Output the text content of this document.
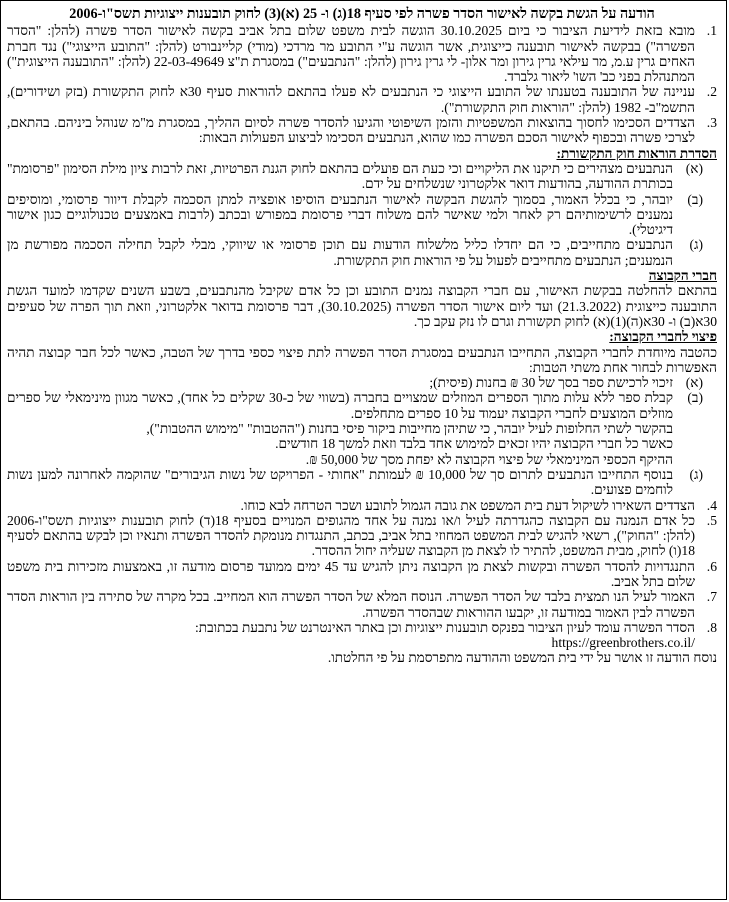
הודעה על הגשת בקשה לאישור הסדר פשרה לפי סעיף 18(ג) ו- 25 (א)(3) לחוק תובענות ייצוגיות תשס"ו-2006
1.
מובא בזאת לידיעת הציבור כי ביום 30.10.2025 הוגשה לבית משפט שלום בתל אביב בקשה לאישור הסדר פשרה (להלן: "הסדר הפשרה") בבקשה לאישור תובענה כייצוגית, אשר הוגשה ע"י התובע מר מרדכי (מודי) קליינבורט (להלן: "התובע הייצוגי") נגד חברת האחים גרין ע.מ, מר עילאי גרין גירון ומר אלון- לי גרין גירון (להלן: "הנתבעים") במסגרת ת"צ 22-03-49649 (להלן: "התובענה הייצוגית") המתנהלת בפני כב' השו' ליאור גלברד.
2.
עניינה של התובענה בטענתו של התובע הייצוגי כי הנתבעים לא פעלו בהתאם להוראות סעיף 30א לחוק התקשורת (בזק ושידורים), התשמ"ב- 1982 (להלן: "הוראות חוק התקשורת").
3.
הצדדים הסכימו לחסוך בהוצאות המשפטיות והזמן השיפוטי והגיעו להסדר פשרה לסיום ההליך, במסגרת מ"מ שנוהל ביניהם. בהתאם, לצרכי פשרה ובכפוף לאישור הסכם הפשרה כמו שהוא, הנתבעים הסכימו לביצוע הפעולות הבאות:
הסדרת הוראות חוק התקשורת:
(א)
הנתבעים מצהירים כי תיקנו את הליקויים וכי כעת הם פועלים בהתאם לחוק הגנת הפרטיות, זאת לרבות ציון מילת הסימון "פרסומת" בכותרת ההודעה, בהודעות דואר אלקטרוני שנשלחים על ידם.
(ב)
יובהר, כי בכלל האמור, בסמוך להגשת הבקשה לאישור הנתבעים הוסיפו אופציה למתן הסכמה לקבלת דיוור פרסומי, ומוסיפים נמענים לרשימותיהם רק לאחר ולמי שאישר להם משלוח דברי פרסומת במפורש ובכתב (לרבות באמצעים טכנולוגיים כגון אישור דיגיטלי).
(ג)
הנתבעים מתחייבים, כי הם יחדלו כליל מלשלוח הודעות עם תוכן פרסומי או שיווקי, מבלי לקבל תחילה הסכמה מפורשת מן הנמענים; הנתבעים מתחייבים לפעול על פי הוראות חוק התקשורת.
חברי הקבוצה
בהתאם להחלטה בבקשת האישור, עם חברי הקבוצה נמנים התובע וכן כל אדם שקיבל מהנתבעים, בשבע השנים שקדמו למועד הגשת התובענה כייצוגית (21.3.2022) ועד ליום אישור הסדר הפשרה (30.10.2025), דבר פרסומת בדואר אלקטרוני, וזאת תוך הפרה של סעיפים 30א(ב) ו- 30א(ה)(1)(א) לחוק תקשורת וגרם לו נזק עקב כך.
פיצוי לחברי הקבוצה:
כהטבה מיוחדת לחברי הקבוצה, התחייבו הנתבעים במסגרת הסדר הפשרה לתת פיצוי כספי בדרך של הטבה, כאשר לכל חבר קבוצה תהיה האפשרות לבחור אחת משתי הטבות:
(א)
זיכוי לרכישת ספר בסך של 30 ₪ בחנות (פיסית);
(ב)
קבלת ספר ללא עלות מתוך הספרים המוזלים שמצויים בחברה (בשווי של כ-30 שקלים כל אחד), כאשר מגוון מינימאלי של ספרים מוזלים המוצעים לחברי הקבוצה יעמוד על 10 ספרים מתחלפים.
בהקשר לשתי החלופות לעיל יובהר, כי שתיהן מחייבות ביקור פיסי בחנות ("ההטבות" "מימוש ההטבות"),
כאשר כל חברי הקבוצה יהיו זכאים למימוש אחד בלבד וזאת למשך 18 חודשים.
ההיקף הכספי המינימאלי של פיצוי הקבוצה לא יפחת מסך של 50,000 ₪.
(ג)
בנוסף התחייבו הנתבעים לתרום סך של 10,000 ₪ לעמותת "אחותי - הפרויקט של נשות הגיבורים" שהוקמה לאחרונה למען נשות לוחמים פצועים.
4.
הצדדים השאירו לשיקול דעת בית המשפט את גובה הגמול לתובע ושכר הטרחה לבא כוחו.
5.
כל אדם הנמנה עם הקבוצה כהגדרתה לעיל ו/או נמנה על אחד מהגופים המנויים בסעיף 18(ד) לחוק תובענות ייצוגיות תשס"ו-2006 (להלן: "החוק"), רשאי להגיש לבית המשפט המחוזי בתל אביב, בכתב, התנגדות מנומקת להסדר הפשרה ותנאיו וכן לבקש בהתאם לסעיף 18(ו) לחוק, מבית המשפט, להתיר לו לצאת מן הקבוצה שעליה יחול ההסדר.
6.
התנגדויות להסדר הפשרה ובקשות לצאת מן הקבוצה ניתן להגיש עד 45 ימים ממועד פרסום מודעה זו, באמצעות מזכירות בית משפט שלום בתל אביב.
7.
האמור לעיל הנו תמצית בלבד של הסדר הפשרה. הנוסח המלא של הסדר הפשרה הוא המחייב. בכל מקרה של סתירה בין הוראות הסדר הפשרה לבין האמור במודעה זו, יקבעו ההוראות שבהסדר הפשרה.
8.
הסדר הפשרה עומד לעיון הציבור בפנקס תובענות ייצוגיות וכן באתר האינטרנט של נתבעת בכתובת:
https://greenbrothers.co.il/
נוסח הודעה זו אושר על ידי בית המשפט וההודעה מתפרסמת על פי החלטתו.
